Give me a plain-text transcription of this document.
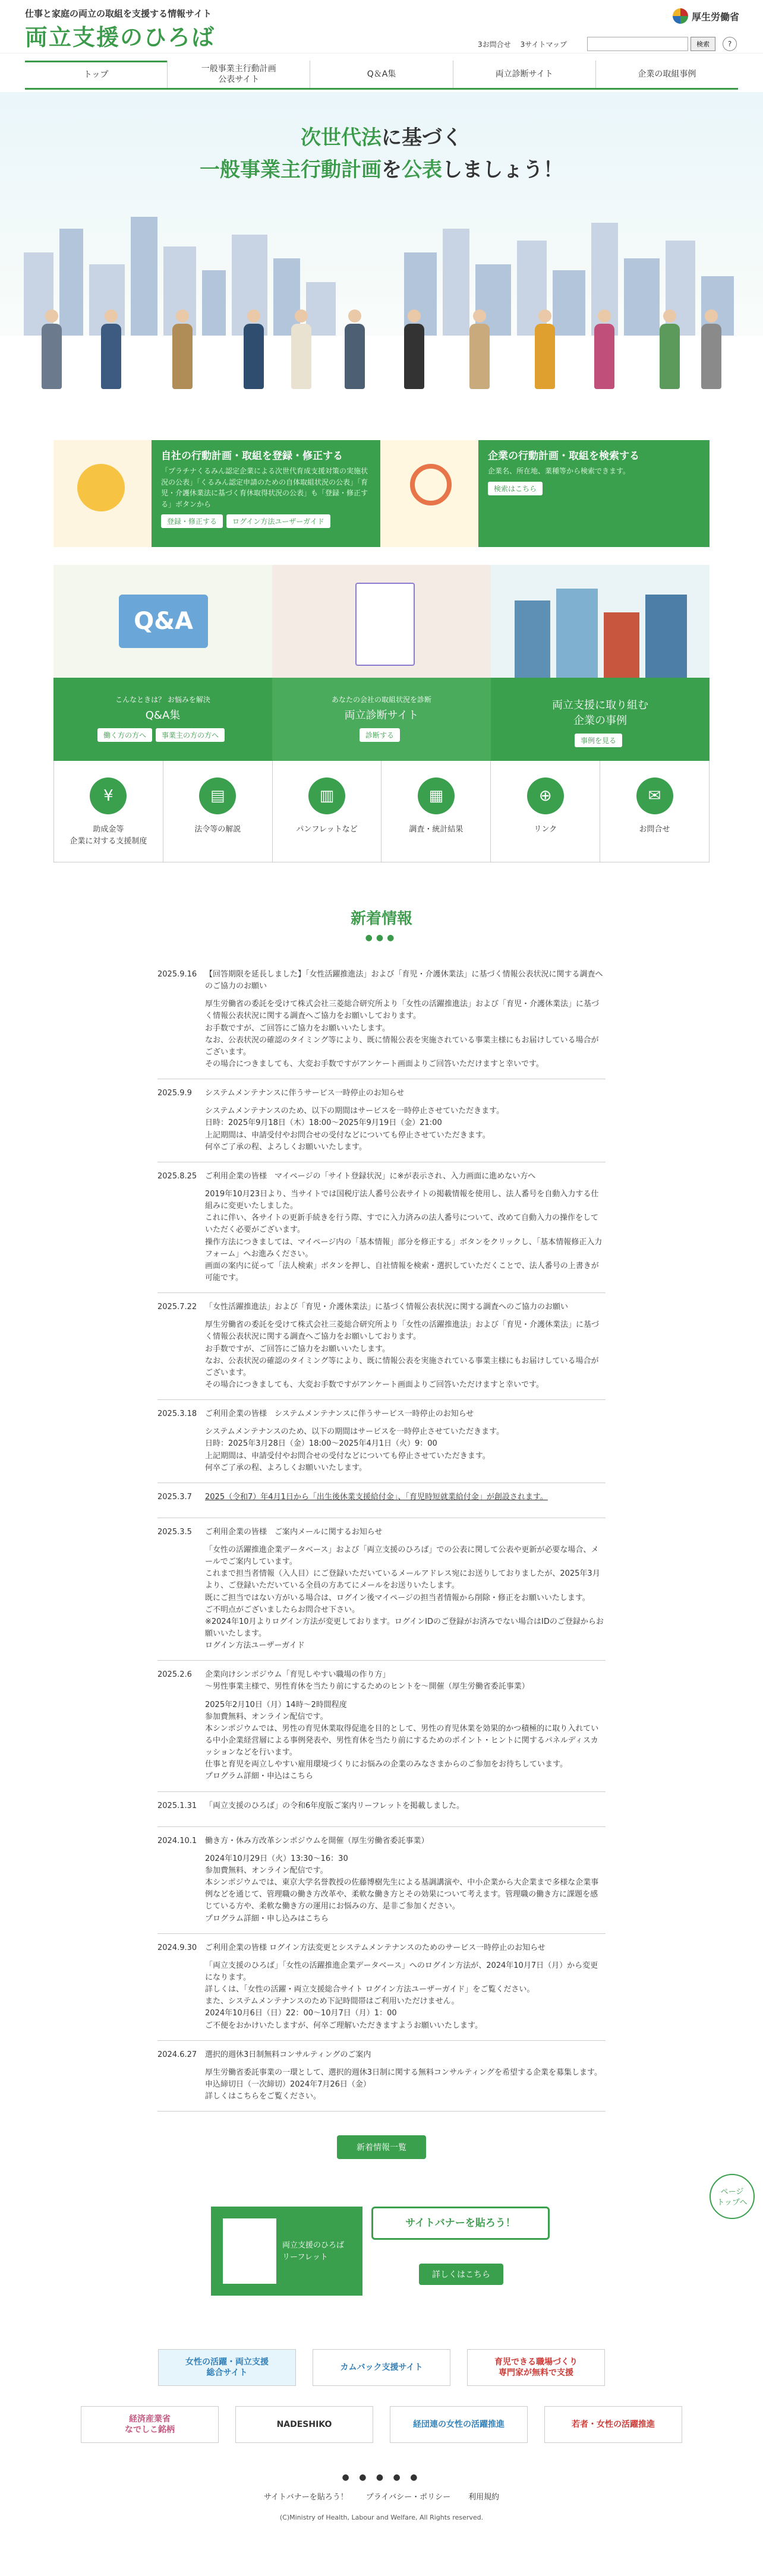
仕事と家庭の両立の取組を支援する情報サイト
両立支援のひろば
厚生労働省
3お問合せ 3サイトマップ	検索	?
トップ
一般事業主行動計画
公表サイト
Q＆A集	両立診断サイト	企業の取組事例
次世代法に基づく
一般事業主行動計画を公表しましょう！
自社の行動計画・取組を登録・修正する

「プラチナくるみん認定企業による次世代育成支援対策の実施状況の公表」「くるみん認定申請のための自体取組状況の公表」「育児・介護休業法に基づく育休取得状況の公表」も「登録・修正する」ボタンから

登録・修正する ログイン方法ユーザーガイド
企業の行動計画・取組を検索する

企業名、所在地、業種等から検索できます。

検索はこちら
Q&A
こんなときは？ お悩みを解決
Q&A集
働く方の方へ 事業主の方の方へ
あなたの会社の取組状況を診断
両立診断サイト
診断する
両立支援に取り組む
企業の事例
事例を見る
¥
助成金等
企業に対する支援制度
▤
法令等の解説
▥
パンフレットなど
▦
調査・統計結果
⊕
リンク
✉
お問合せ
新着情報
●●●
2025.9.16	【回答期限を延長しました】「女性活躍推進法」および「育児・介護休業法」に基づく情報公表状況に関する調査へのご協力のお願い
厚生労働省の委託を受けて株式会社三菱総合研究所より「女性の活躍推進法」および「育児・介護休業法」に基づく情報公表状況に関する調査へご協力をお願いしております。
お手数ですが、ご回答にご協力をお願いいたします。
なお、公表状況の確認のタイミング等により、既に情報公表を実施されている事業主様にもお届けしている場合がございます。
その場合につきましても、大変お手数ですがアンケート画面よりご回答いただけますと幸いです。
2025.9.9	システムメンテナンスに伴うサービス一時停止のお知らせ
システムメンテナンスのため、以下の期間はサービスを一時停止させていただきます。
日時：2025年9月18日（木）18:00〜2025年9月19日（金）21:00
上記期間は、申請受付やお問合せの受付などについても停止させていただきます。
何卒ご了承の程、よろしくお願いいたします。
2025.8.25	ご利用企業の皆様　マイページの「サイト登録状況」に※が表示され、入力画面に進めない方へ
2019年10月23日より、当サイトでは国税庁法人番号公表サイトの掲載情報を使用し、法人番号を自動入力する仕組みに変更いたしました。
これに伴い、各サイトの更新手続きを行う際、すでに入力済みの法人番号について、改めて自動入力の操作をしていただく必要がございます。
操作方法につきましては、マイページ内の「基本情報」部分を修正する」ボタンをクリックし、「基本情報修正入力フォーム」へお進みください。
画面の案内に従って「法人検索」ボタンを押し、自社情報を検索・選択していただくことで、法人番号の上書きが可能です。
2025.7.22	「女性活躍推進法」および「育児・介護休業法」に基づく情報公表状況に関する調査へのご協力のお願い
厚生労働省の委託を受けて株式会社三菱総合研究所より「女性の活躍推進法」および「育児・介護休業法」に基づく情報公表状況に関する調査へご協力をお願いしております。
お手数ですが、ご回答にご協力をお願いいたします。
なお、公表状況の確認のタイミング等により、既に情報公表を実施されている事業主様にもお届けしている場合がございます。
その場合につきましても、大変お手数ですがアンケート画面よりご回答いただけますと幸いです。
2025.3.18	ご利用企業の皆様　システムメンテナンスに伴うサービス一時停止のお知らせ
システムメンテナンスのため、以下の期間はサービスを一時停止させていただきます。
日時：2025年3月28日（金）18:00〜2025年4月1日（火）9：00
上記期間は、申請受付やお問合せの受付などについても停止させていただきます。
何卒ご了承の程、よろしくお願いいたします。
2025.3.7	2025（令和7）年4月1日から「出生後休業支援給付金」、「育児時短就業給付金」が創設されます。
2025.3.5	ご利用企業の皆様　ご案内メールに関するお知らせ
「女性の活躍推進企業データベース」および「両立支援のひろば」での公表に関して公表や更新が必要な場合、メールでご案内しています。
これまで担当者情報（入人目）にご登録いただいているメールアドレス宛にお送りしておりましたが、2025年3月より、ご登録いただいている全員の方あてにメールをお送りいたします。
既にご担当ではない方がいる場合は、ログイン後マイページの担当者情報から削除・修正をお願いいたします。
ご不明点がございましたらお問合せ下さい。
※2024年10月よりログイン方法が変更しております。ログインIDのご登録がお済みでない場合はIDのご登録からお願いいたします。
ログイン方法ユーザーガイド
2025.2.6	企業向けシンポジウム「育児しやすい職場の作り方」
〜男性事業主様で、男性育休を当たり前にするためのヒントを〜開催（厚生労働省委託事業）
2025年2月10日（月）14時〜2時間程度
参加費無料、オンライン配信です。
本シンポジウムでは、男性の育児休業取得促進を目的として、男性の育児休業を効果的かつ積極的に取り入れている中小企業経営層による事例発表や、男性育休を当たり前にするためのポイント・ヒントに関するパネルディスカッションなどを行います。
仕事と育児を両立しやすい雇用環境づくりにお悩みの企業のみなさまからのご参加をお待ちしています。
プログラム詳細・申込はこちら
2025.1.31	「両立支援のひろば」の令和6年度版ご案内リーフレットを掲載しました。
2024.10.1	働き方・休み方改革シンポジウムを開催（厚生労働省委託事業）
2024年10月29日（火）13:30〜16：30
参加費無料、オンライン配信です。
本シンポジウムでは、東京大学名誉教授の佐藤博樹先生による基調講演や、中小企業から大企業まで多様な企業事例などを通じて、管理職の働き方改革や、柔軟な働き方とその効果について考えます。管理職の働き方に課題を感じている方や、柔軟な働き方の運用にお悩みの方、是非ご参加ください。
プログラム詳細・申し込みはこちら
2024.9.30	ご利用企業の皆様 ログイン方法変更とシステムメンテナンスのためのサービス一時停止のお知らせ
「両立支援のひろば」「女性の活躍推進企業データベース」へのログイン方法が、2024年10月7日（月）から変更になります。
詳しくは、「女性の活躍・両立支援総合サイト ログイン方法ユーザーガイド」をご覧ください。
また、システムメンテナンスのため下記時間帯はご利用いただけません。
2024年10月6日（日）22：00〜10月7日（月）1：00
ご不便をおかけいたしますが、何卒ご理解いただきますようお願いいたします。
2024.6.27	選択的週休3日制無料コンサルティングのご案内
厚生労働省委託事業の一環として、選択的週休3日制に関する無料コンサルティングを希望する企業を募集します。
申込締切日（一次締切）2024年7月26日（金）
詳しくはこちらをご覧ください。
新着情報一覧
ページ
トップへ
両立支援のひろば
リーフレット
サイトバナーを貼ろう！
詳しくはこちら
女性の活躍・両立支援
総合サイト
カムバック支援サイト
育児できる職場づくり
専門家が無料で支援
経済産業省
なでしこ銘柄
NADESHIKO	経団連の女性の活躍推進	若者・女性の活躍推進
● ● ● ● ●
サイトバナーを貼ろう！ プライバシー・ポリシー 利用規約
(C)Ministry of Health, Labour and Welfare, All Rights reserved.
